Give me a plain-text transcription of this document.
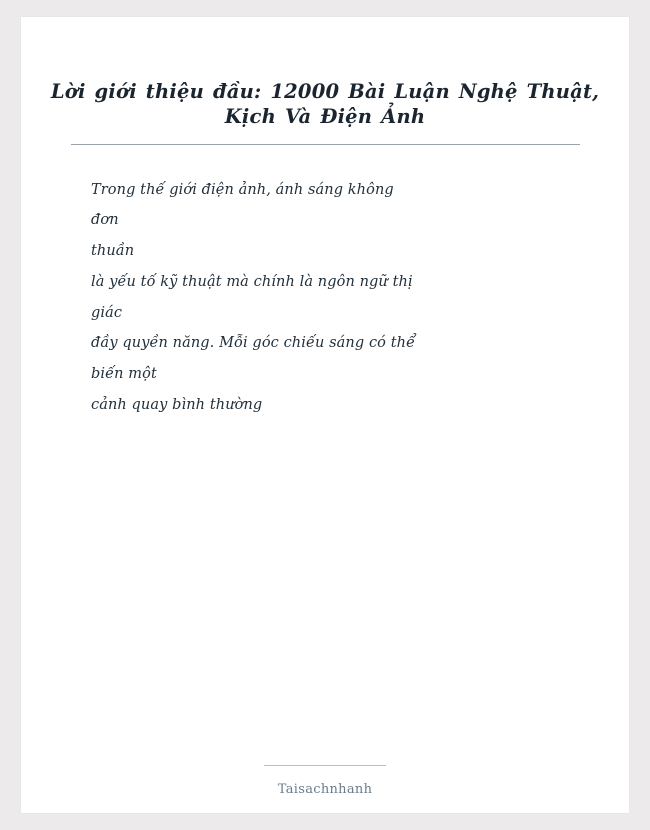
Lời giới thiệu đầu: 12000 Bài Luận Nghệ Thuật, Kịch Và Điện Ảnh
Trong thế giới điện ảnh, ánh sáng không đơn
thuần
là yếu tố kỹ thuật mà chính là ngôn ngữ thị
giác
đầy quyền năng. Mỗi góc chiếu sáng có thể
biến một
cảnh quay bình thường
Taisachnhanh
